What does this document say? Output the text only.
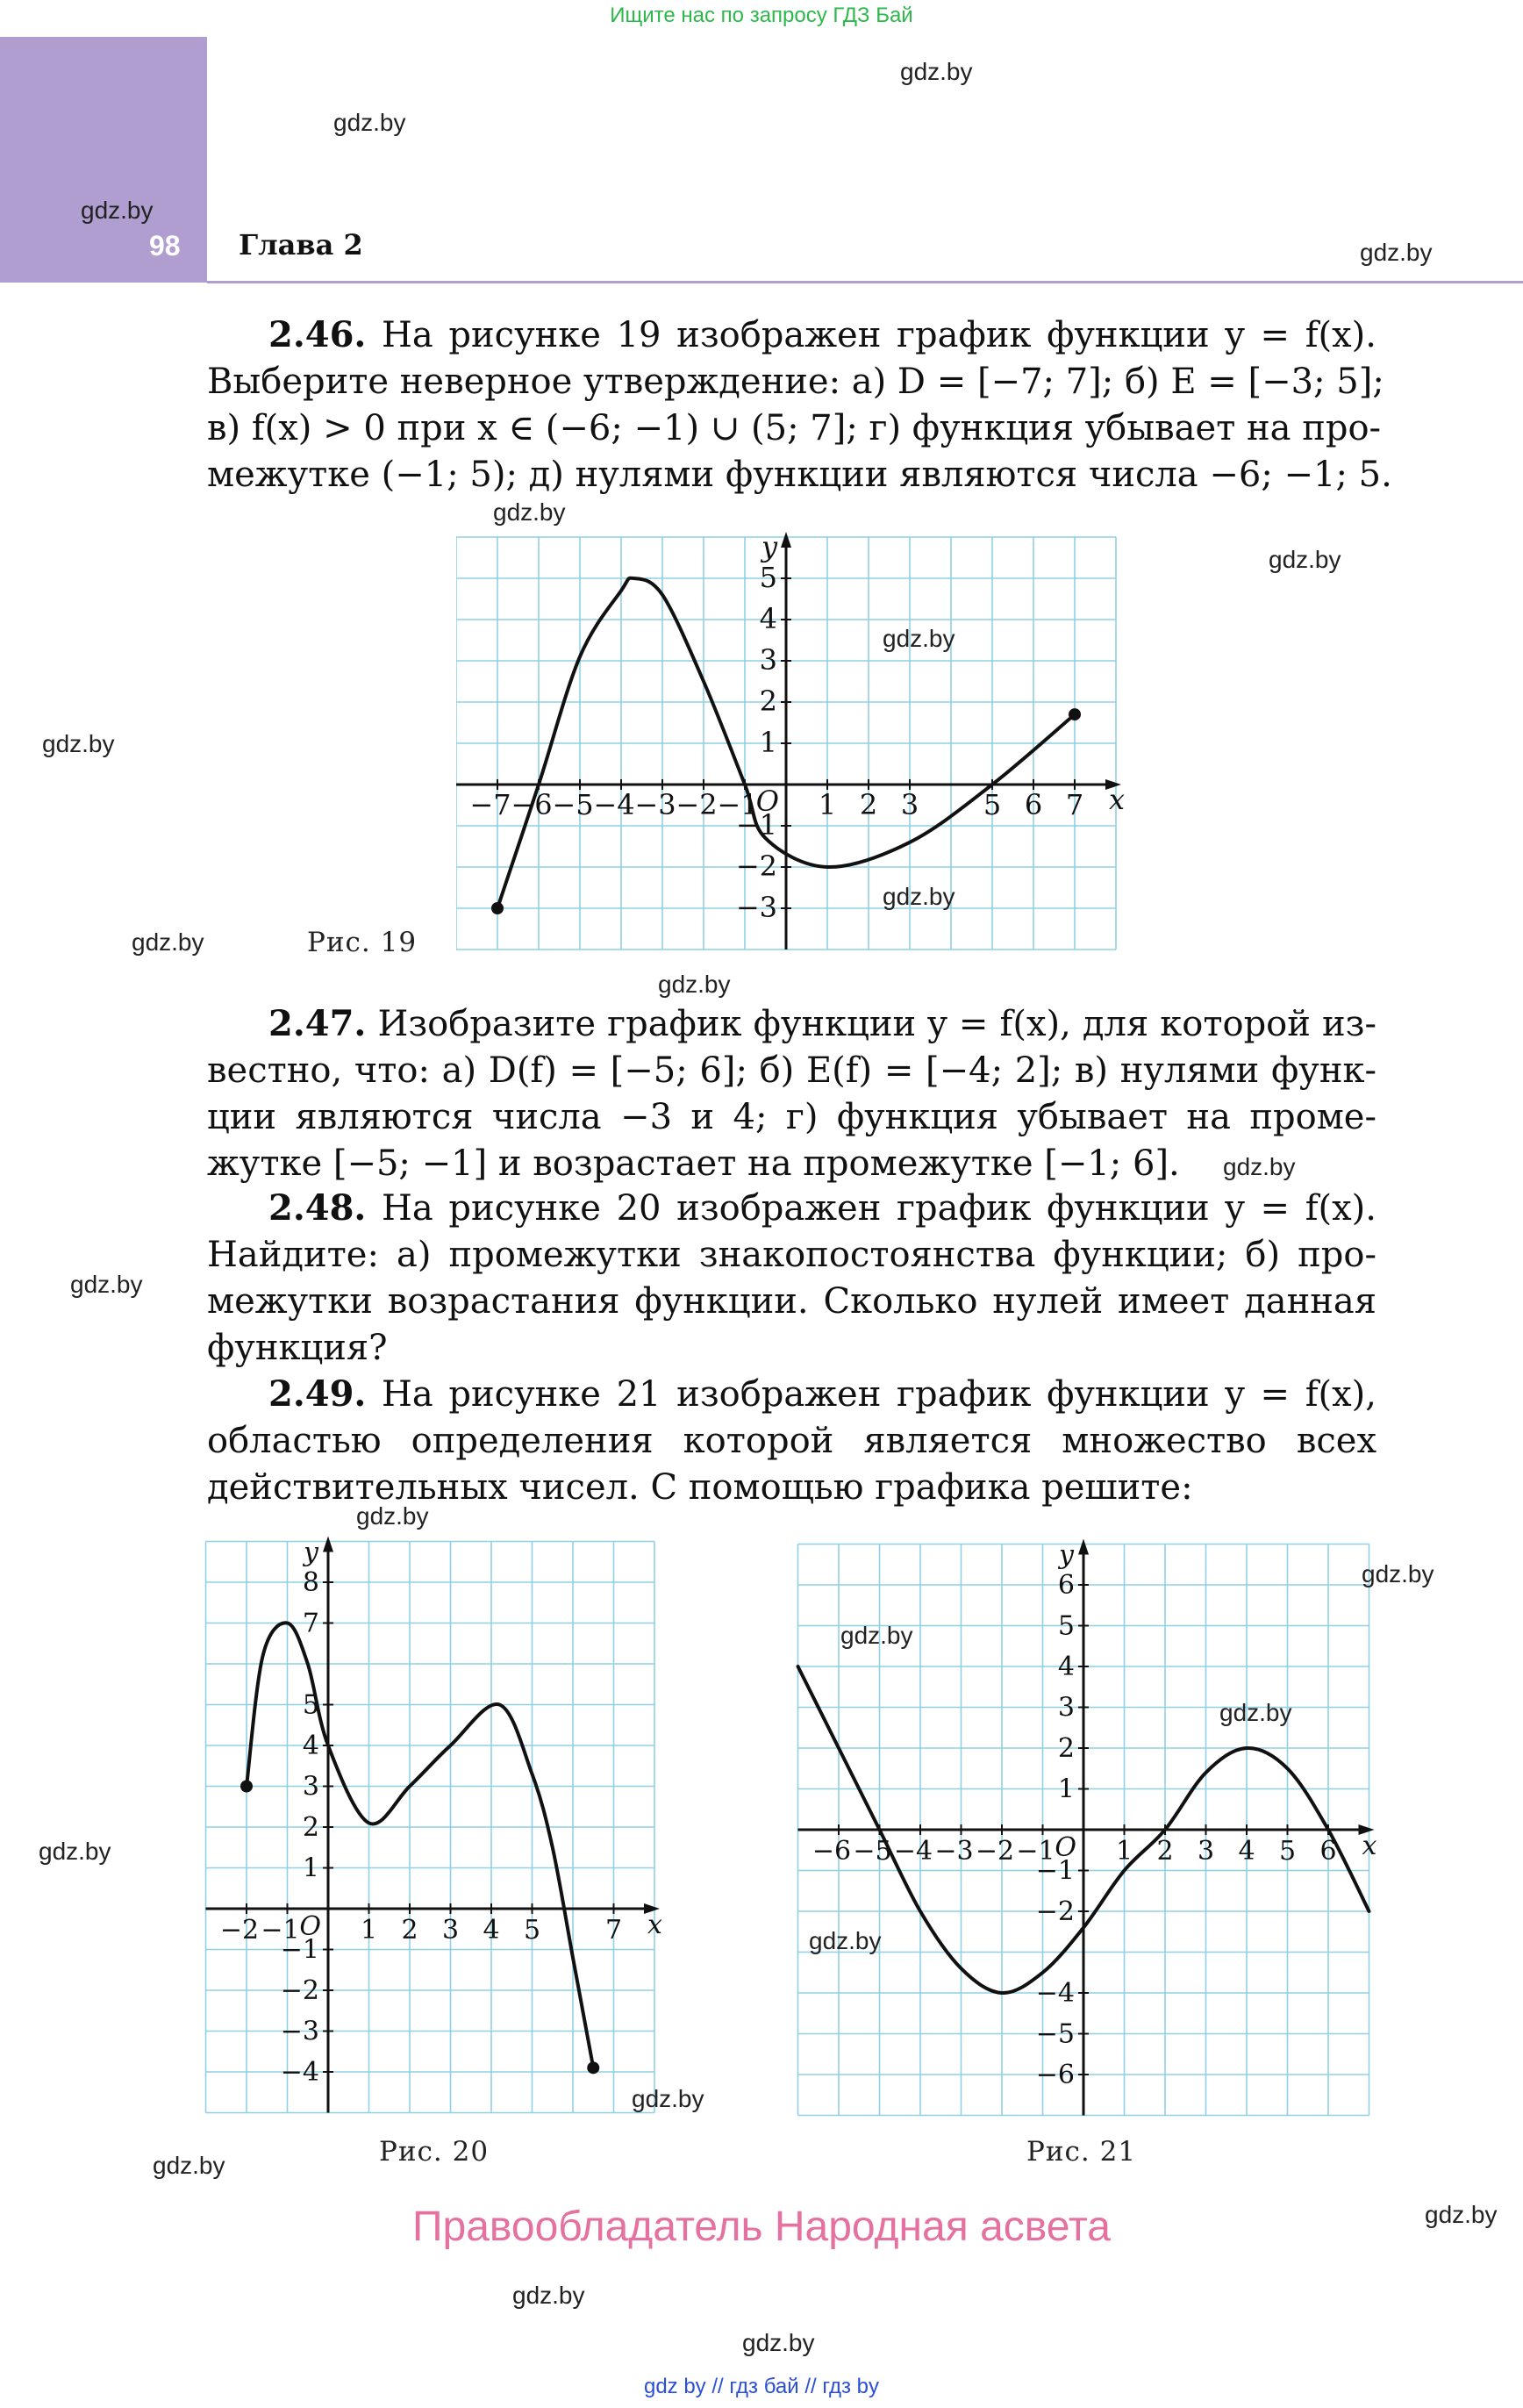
Ищите нас по запросу ГДЗ Бай
98 Глава 2
2.46. На рисунке 19 изображен график функции y = f(x).
Выберите неверное утверждение: а) D = [−7; 7]; б) E = [−3; 5];
в) f(x) > 0 при x ∈ (−6; −1) ∪ (5; 7]; г) функция убывает на про-
межутке (−1; 5); д) нулями функции являются числа −6; −1; 5.
2.47. Изобразите график функции y = f(x), для которой из-
вестно, что: а) D(f) = [−5; 6]; б) E(f) = [−4; 2]; в) нулями функ-
ции являются числа −3 и 4; г) функция убывает на проме-
жутке [−5; −1] и возрастает на промежутке [−1; 6].
2.48. На рисунке 20 изображен график функции y = f(x).
Найдите: а) промежутки знакопостоянства функции; б) про-
межутки возрастания функции. Сколько нулей имеет данная
функция?
2.49. На рисунке 21 изображен график функции y = f(x),
областью определения которой является множество всех
действительных чисел. С помощью графика решите:
−7 −6 −5 −4 −3 −2 −1 1 2 3 5 6 7
5
4
3
2
1
−1
−2
−3
x
y
O
Рис. 19
−2 −1 1 2 3 4 5 7
8
7
5
4
3
2
1
−1
−2
−3
−4
x
y
O
Рис. 20
−6 −5 −4 −3 −2 −1 1 2 3 4 5 6
6
5
4
3
2
1
−1
−2
−4
−5
−6
x
y
O
Рис. 21
gdz.by
gdz.by
gdz.by
gdz.by
gdz.by
gdz.by
gdz.by
gdz.by
gdz.by
gdz.by
gdz.by
gdz.by
gdz.by
gdz.by
gdz.by
gdz.by
gdz.by
gdz.by
gdz.by
gdz.by
gdz.by
gdz.by
gdz.by
gdz.by
Правообладатель Народная асвета
gdz by // гдз бай // гдз by
